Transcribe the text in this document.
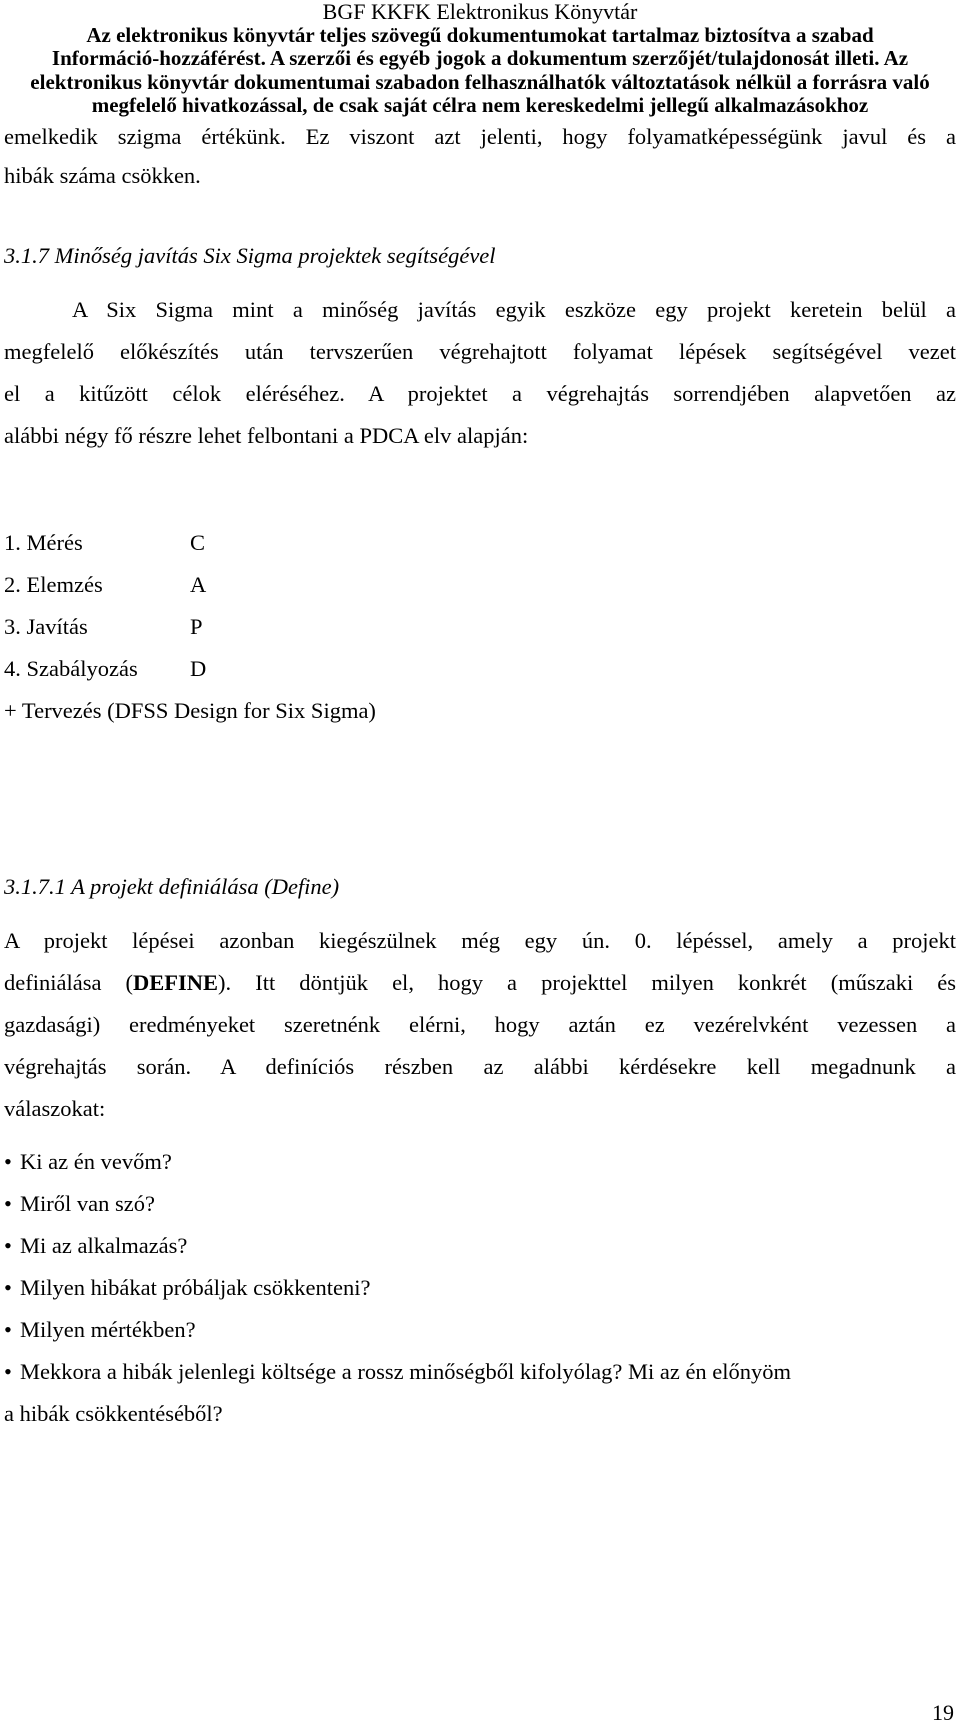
BGF KKFK Elektronikus Könyvtár
Az elektronikus könyvtár teljes szövegű dokumentumokat tartalmaz biztosítva a szabad
Információ-hozzáférést. A szerzői és egyéb jogok a dokumentum szerzőjét/tulajdonosát illeti. Az
elektronikus könyvtár dokumentumai szabadon felhasználhatók változtatások nélkül a forrásra való
megfelelő hivatkozással, de csak saját célra nem kereskedelmi jellegű alkalmazásokhoz
emelkedik szigma értékünk. Ez viszont azt jelenti, hogy folyamatképességünk javul és a
hibák száma csökken.
3.1.7 Minőség javítás Six Sigma projektek segítségével
A Six Sigma mint a minőség javítás egyik eszköze egy projekt keretein belül a
megfelelő előkészítés után tervszerűen végrehajtott folyamat lépések segítségével vezet
el a kitűzött célok eléréséhez. A projektet a végrehajtás sorrendjében alapvetően az
alábbi négy fő részre lehet felbontani a PDCA elv alapján:
1. Mérés	C
2. Elemzés	A
3. Javítás	P
4. Szabályozás D
+ Tervezés (DFSS Design for Six Sigma)
3.1.7.1 A projekt definiálása (Define)
A projekt lépései azonban kiegészülnek még egy ún. 0. lépéssel, amely a projekt
definiálása (DEFINE). Itt döntjük el, hogy a projekttel milyen konkrét (műszaki és
gazdasági) eredményeket szeretnénk elérni, hogy aztán ez vezérelvként vezessen a
végrehajtás során. A definíciós részben az alábbi kérdésekre kell megadnunk a
válaszokat:
• Ki az én vevőm?
• Miről van szó?
• Mi az alkalmazás?
• Milyen hibákat próbáljak csökkenteni?
• Milyen mértékben?
• Mekkora a hibák jelenlegi költsége a rossz minőségből kifolyólag? Mi az én előnyöm
a hibák csökkentéséből?
19
